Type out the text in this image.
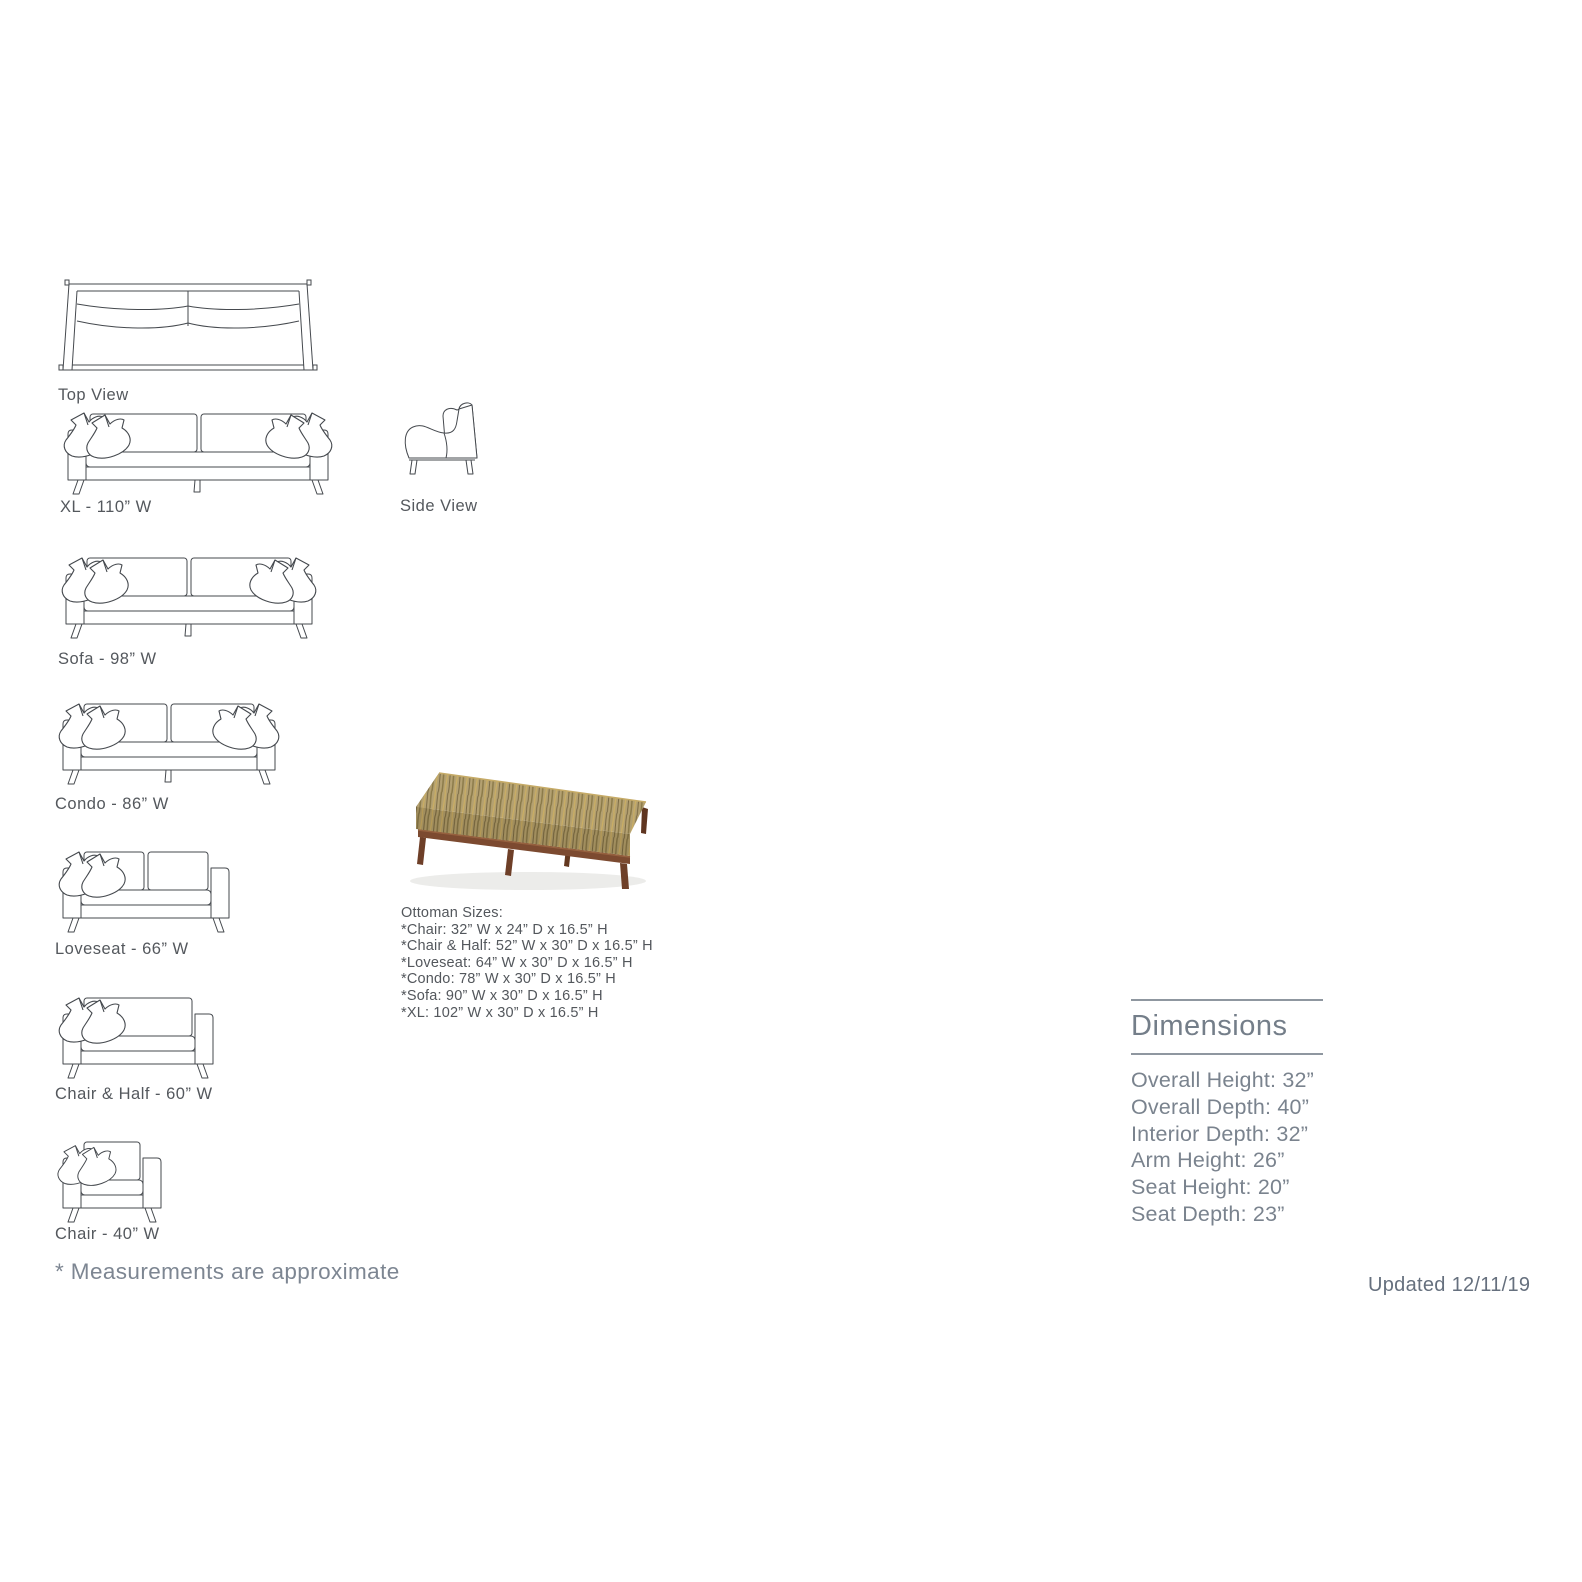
Top View
XL - 110” W	Side View
Sofa - 98” W
Condo - 86” W
Loveseat - 66” W
Chair & Half - 60” W
Chair - 40” W
Ottoman Sizes:
*Chair: 32” W x 24” D x 16.5” H
*Chair & Half: 52” W x 30” D x 16.5” H
*Loveseat: 64” W x 30” D x 16.5” H
*Condo: 78” W x 30” D x 16.5” H
*Sofa: 90” W x 30” D x 16.5” H
*XL: 102” W x 30” D x 16.5” H	Dimensions
Overall Height: 32”
Overall Depth: 40”
Interior Depth: 32”
Arm Height: 26”
Seat Height: 20”
Seat Depth: 23”
* Measurements are approximate
Updated 12/11/19
